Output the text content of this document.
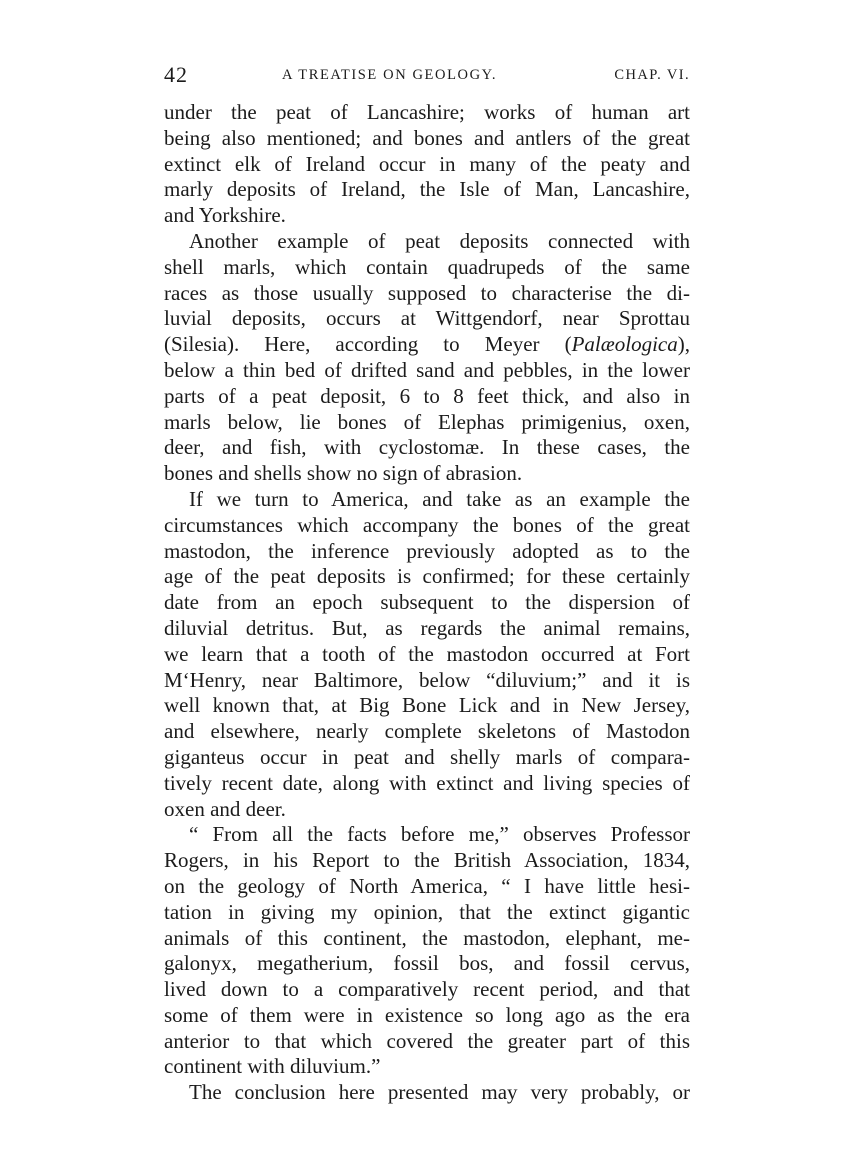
42	A TREATISE ON GEOLOGY.	CHAP. VI.
under the peat of Lancashire; works of human art
being also mentioned; and bones and antlers of the great
extinct elk of Ireland occur in many of the peaty and
marly deposits of Ireland, the Isle of Man, Lancashire,
and Yorkshire.
Another example of peat deposits connected with
shell marls, which contain quadrupeds of the same
races as those usually supposed to characterise the di-
luvial deposits, occurs at Wittgendorf, near Sprottau
(Silesia). Here, according to Meyer (Palæologica),
below a thin bed of drifted sand and pebbles, in the lower
parts of a peat deposit, 6 to 8 feet thick, and also in
marls below, lie bones of Elephas primigenius, oxen,
deer, and fish, with cyclostomæ. In these cases, the
bones and shells show no sign of abrasion.
If we turn to America, and take as an example the
circumstances which accompany the bones of the great
mastodon, the inference previously adopted as to the
age of the peat deposits is confirmed; for these certainly
date from an epoch subsequent to the dispersion of
diluvial detritus. But, as regards the animal remains,
we learn that a tooth of the mastodon occurred at Fort
M‘Henry, near Baltimore, below “diluvium;” and it is
well known that, at Big Bone Lick and in New Jersey,
and elsewhere, nearly complete skeletons of Mastodon
giganteus occur in peat and shelly marls of compara-
tively recent date, along with extinct and living species of
oxen and deer.
“ From all the facts before me,” observes Professor
Rogers, in his Report to the British Association, 1834,
on the geology of North America, “ I have little hesi-
tation in giving my opinion, that the extinct gigantic
animals of this continent, the mastodon, elephant, me-
galonyx, megatherium, fossil bos, and fossil cervus,
lived down to a comparatively recent period, and that
some of them were in existence so long ago as the era
anterior to that which covered the greater part of this
continent with diluvium.”
The conclusion here presented may very probably, or
